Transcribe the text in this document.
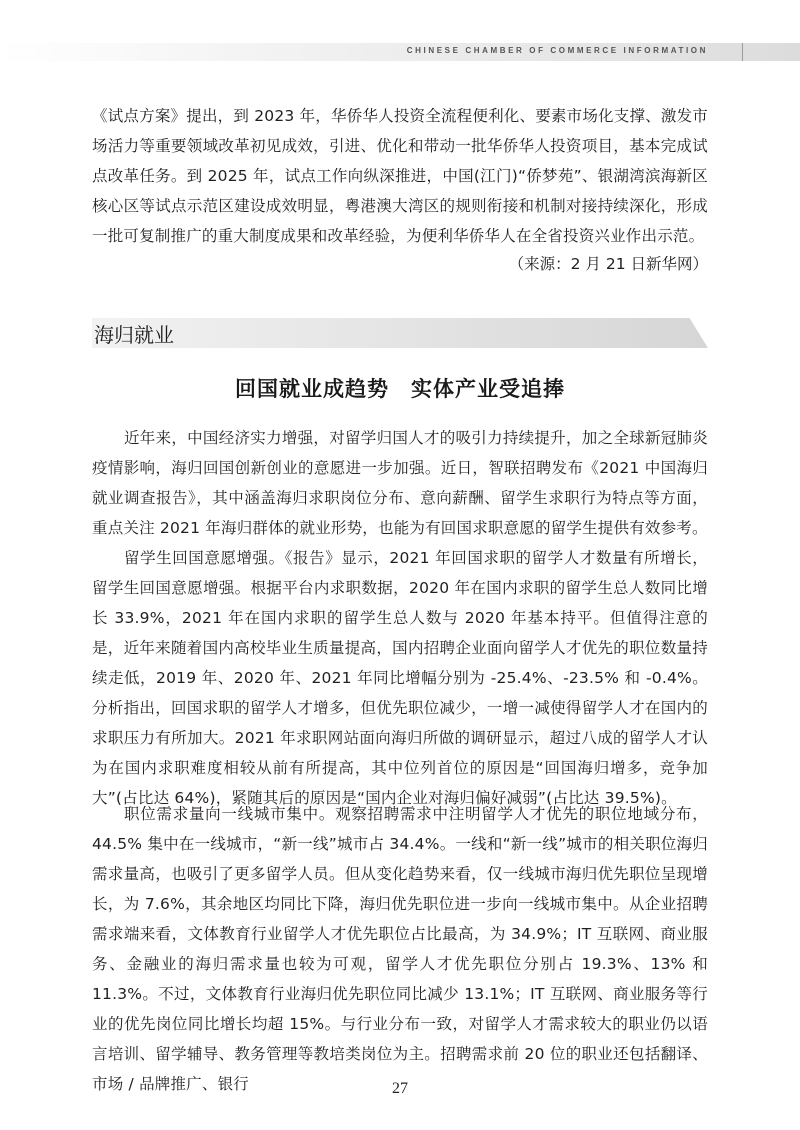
CHINESE CHAMBER OF COMMERCE INFORMATION

《试点方案》提出，到 2023 年，华侨华人投资全流程便利化、要素市场化支撑、激发市场活力等重要领域改革初见成效，引进、优化和带动一批华侨华人投资项目，基本完成试点改革任务。到 2025 年，试点工作向纵深推进，中国(江门)“侨梦苑”、银湖湾滨海新区核心区等试点示范区建设成效明显，粤港澳大湾区的规则衔接和机制对接持续深化，形成一批可复制推广的重大制度成果和改革经验，为便利华侨华人在全省投资兴业作出示范。

（来源：2 月 21 日新华网）
海归就业
回国就业成趋势 实体产业受追捧

近年来，中国经济实力增强，对留学归国人才的吸引力持续提升，加之全球新冠肺炎疫情影响，海归回国创新创业的意愿进一步加强。近日，智联招聘发布《2021 中国海归就业调查报告》，其中涵盖海归求职岗位分布、意向薪酬、留学生求职行为特点等方面，重点关注 2021 年海归群体的就业形势，也能为有回国求职意愿的留学生提供有效参考。

留学生回国意愿增强。《报告》显示，2021 年回国求职的留学人才数量有所增长，留学生回国意愿增强。根据平台内求职数据，2020 年在国内求职的留学生总人数同比增长 33.9%，2021 年在国内求职的留学生总人数与 2020 年基本持平。但值得注意的是，近年来随着国内高校毕业生质量提高，国内招聘企业面向留学人才优先的职位数量持续走低，2019 年、2020 年、2021 年同比增幅分别为 -25.4%、-23.5% 和 -0.4%。分析指出，回国求职的留学人才增多，但优先职位减少，一增一减使得留学人才在国内的求职压力有所加大。2021 年求职网站面向海归所做的调研显示，超过八成的留学人才认为在国内求职难度相较从前有所提高，其中位列首位的原因是“回国海归增多，竞争加大”(占比达 64%)，紧随其后的原因是“国内企业对海归偏好减弱”(占比达 39.5%)。

职位需求量向一线城市集中。观察招聘需求中注明留学人才优先的职位地域分布，44.5% 集中在一线城市，“新一线”城市占 34.4%。一线和“新一线”城市的相关职位海归需求量高，也吸引了更多留学人员。但从变化趋势来看，仅一线城市海归优先职位呈现增长，为 7.6%，其余地区均同比下降，海归优先职位进一步向一线城市集中。从企业招聘需求端来看，文体教育行业留学人才优先职位占比最高，为 34.9%；IT 互联网、商业服务、金融业的海归需求量也较为可观，留学人才优先职位分别占 19.3%、13% 和 11.3%。不过，文体教育行业海归优先职位同比减少 13.1%；IT 互联网、商业服务等行业的优先岗位同比增长均超 15%。与行业分布一致，对留学人才需求较大的职业仍以语言培训、留学辅导、教务管理等教培类岗位为主。招聘需求前 20 位的职业还包括翻译、市场 / 品牌推广、银行	27
